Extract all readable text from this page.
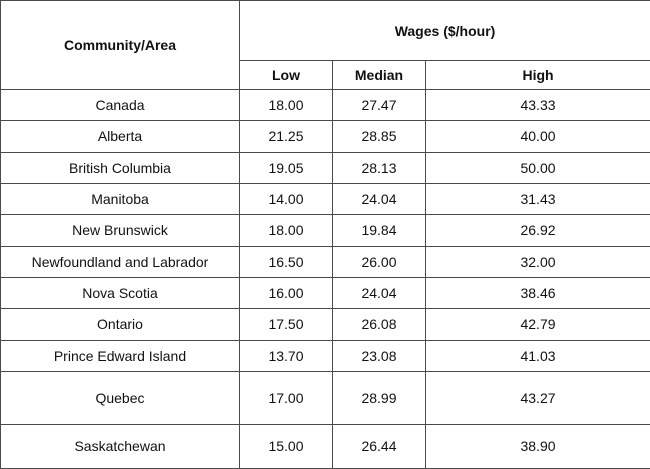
Community/Area	Wages ($/hour)		
	Low	Median	High
Canada	18.00	27.47	43.33
Alberta	21.25	28.85	40.00
British Columbia	19.05	28.13	50.00
Manitoba	14.00	24.04	31.43
New Brunswick	18.00	19.84	26.92
Newfoundland and Labrador	16.50	26.00	32.00
Nova Scotia	16.00	24.04	38.46
Ontario	17.50	26.08	42.79
Prince Edward Island	13.70	23.08	41.03
Quebec	17.00	28.99	43.27
Saskatchewan	15.00	26.44	38.90
